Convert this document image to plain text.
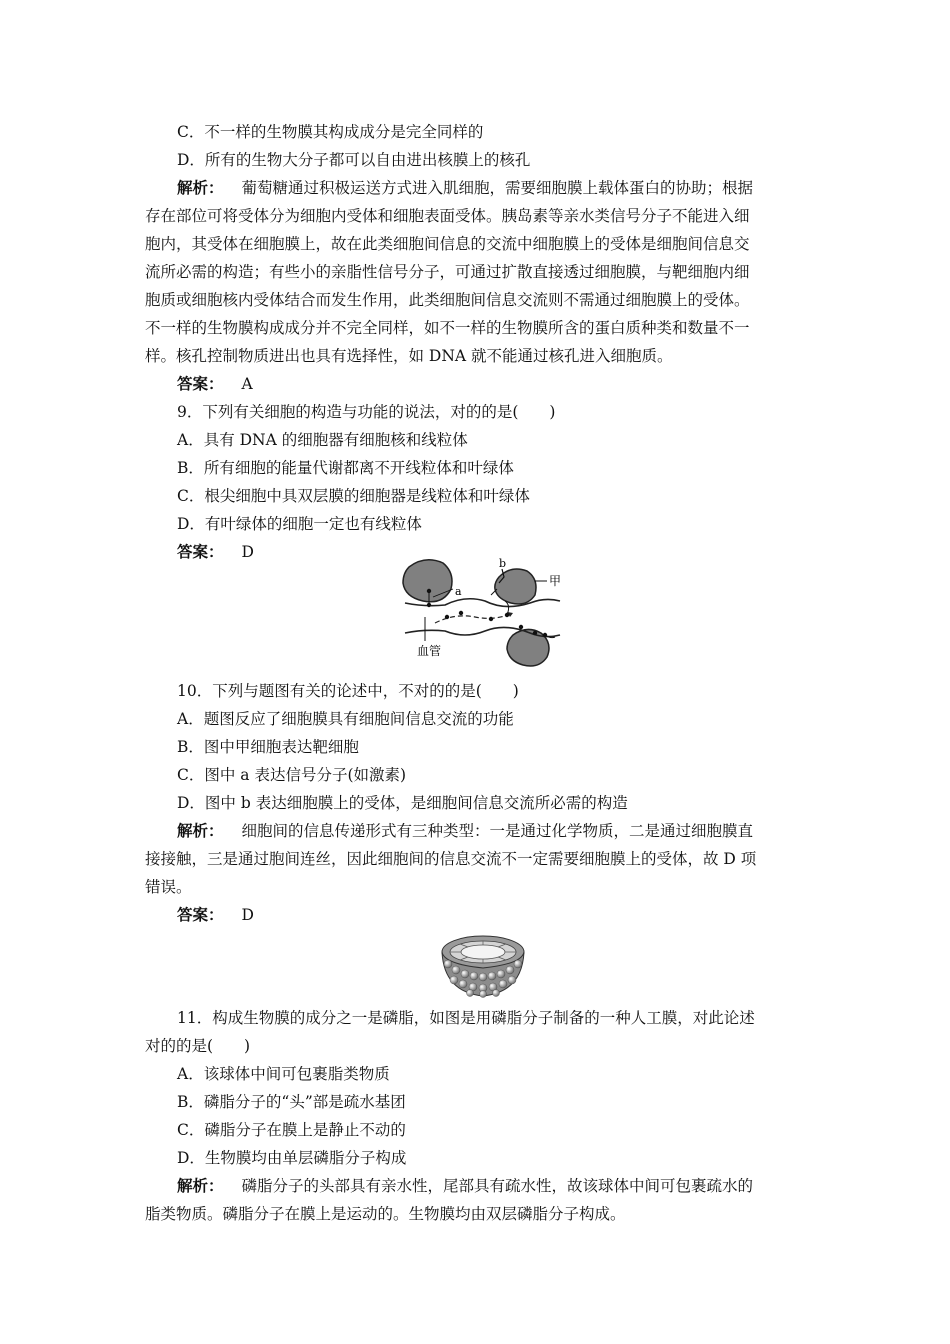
C．不一样的生物膜其构成成分是完全同样的
D．所有的生物大分子都可以自由进出核膜上的核孔
解析： 葡萄糖通过积极运送方式进入肌细胞，需要细胞膜上载体蛋白的协助；根据
存在部位可将受体分为细胞内受体和细胞表面受体。胰岛素等亲水类信号分子不能进入细
胞内，其受体在细胞膜上，故在此类细胞间信息的交流中细胞膜上的受体是细胞间信息交
流所必需的构造；有些小的亲脂性信号分子，可通过扩散直接透过细胞膜，与靶细胞内细
胞质或细胞核内受体结合而发生作用，此类细胞间信息交流则不需通过细胞膜上的受体。
不一样的生物膜构成成分并不完全同样，如不一样的生物膜所含的蛋白质种类和数量不一
样。核孔控制物质进出也具有选择性，如 DNA 就不能通过核孔进入细胞质。
答案： A
9．下列有关细胞的构造与功能的说法，对的的是(　　)
A．具有 DNA 的细胞器有细胞核和线粒体
B．所有细胞的能量代谢都离不开线粒体和叶绿体
C．根尖细胞中具双层膜的细胞器是线粒体和叶绿体
D．有叶绿体的细胞一定也有线粒体
答案： D
a
b
甲
血管
10．下列与题图有关的论述中，不对的的是(　　)
A．题图反应了细胞膜具有细胞间信息交流的功能
B．图中甲细胞表达靶细胞
C．图中 a 表达信号分子(如激素)
D．图中 b 表达细胞膜上的受体，是细胞间信息交流所必需的构造
解析： 细胞间的信息传递形式有三种类型：一是通过化学物质，二是通过细胞膜直
接接触，三是通过胞间连丝，因此细胞间的信息交流不一定需要细胞膜上的受体，故 D 项
错误。
答案： D
11．构成生物膜的成分之一是磷脂，如图是用磷脂分子制备的一种人工膜，对此论述
对的的是(　　)
A．该球体中间可包裹脂类物质
B．磷脂分子的“头”部是疏水基团
C．磷脂分子在膜上是静止不动的
D．生物膜均由单层磷脂分子构成
解析： 磷脂分子的头部具有亲水性，尾部具有疏水性，故该球体中间可包裹疏水的
脂类物质。磷脂分子在膜上是运动的。生物膜均由双层磷脂分子构成。
